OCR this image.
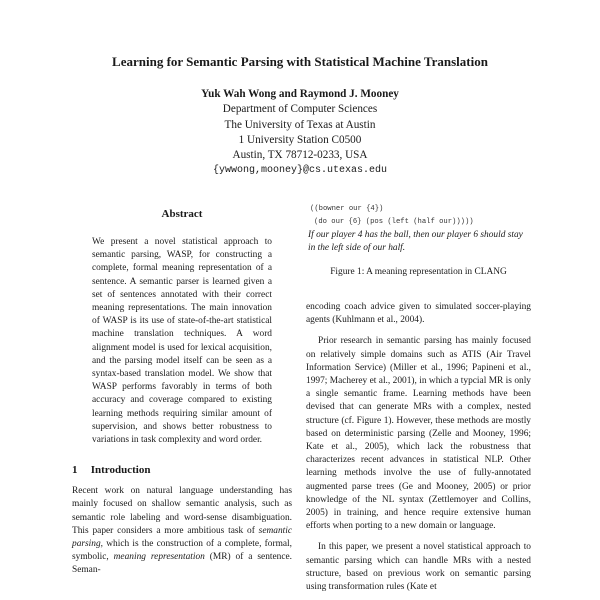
Learning for Semantic Parsing with Statistical Machine Translation
Yuk Wah Wong and Raymond J. Mooney
Department of Computer Sciences
The University of Texas at Austin
1 University Station C0500
Austin, TX 78712-0233, USA
{ywwong,mooney}@cs.utexas.edu
Abstract

We present a novel statistical approach to semantic parsing, WASP, for constructing a complete, formal meaning representation of a sentence. A semantic parser is learned given a set of sentences annotated with their correct meaning representations. The main innovation of WASP is its use of state-of-the-art statistical machine translation techniques. A word alignment model is used for lexical acquisition, and the parsing model itself can be seen as a syntax-based translation model. We show that WASP performs favorably in terms of both accuracy and coverage compared to existing learning methods requiring similar amount of supervision, and shows better robustness to variations in task complexity and word order.

1 Introduction

Recent work on natural language understanding has mainly focused on shallow semantic analysis, such as semantic role labeling and word-sense disambiguation. This paper considers a more ambitious task of semantic parsing, which is the construction of a complete, formal, symbolic, meaning representation (MR) of a sentence. Seman-

((bowner our {4})
(do our {6} (pos (left (half our)))))

If our player 4 has the ball, then our player 6 should stay in the left side of our half.

Figure 1: A meaning representation in CLANG

encoding coach advice given to simulated soccer-playing agents (Kuhlmann et al., 2004).

Prior research in semantic parsing has mainly focused on relatively simple domains such as ATIS (Air Travel Information Service) (Miller et al., 1996; Papineni et al., 1997; Macherey et al., 2001), in which a typcial MR is only a single semantic frame. Learning methods have been devised that can generate MRs with a complex, nested structure (cf. Figure 1). However, these methods are mostly based on deterministic parsing (Zelle and Mooney, 1996; Kate et al., 2005), which lack the robustness that characterizes recent advances in statistical NLP. Other learning methods involve the use of fully-annotated augmented parse trees (Ge and Mooney, 2005) or prior knowledge of the NL syntax (Zettlemoyer and Collins, 2005) in training, and hence require extensive human efforts when porting to a new domain or language.

In this paper, we present a novel statistical approach to semantic parsing which can handle MRs with a nested structure, based on previous work on semantic parsing using transformation rules (Kate et
